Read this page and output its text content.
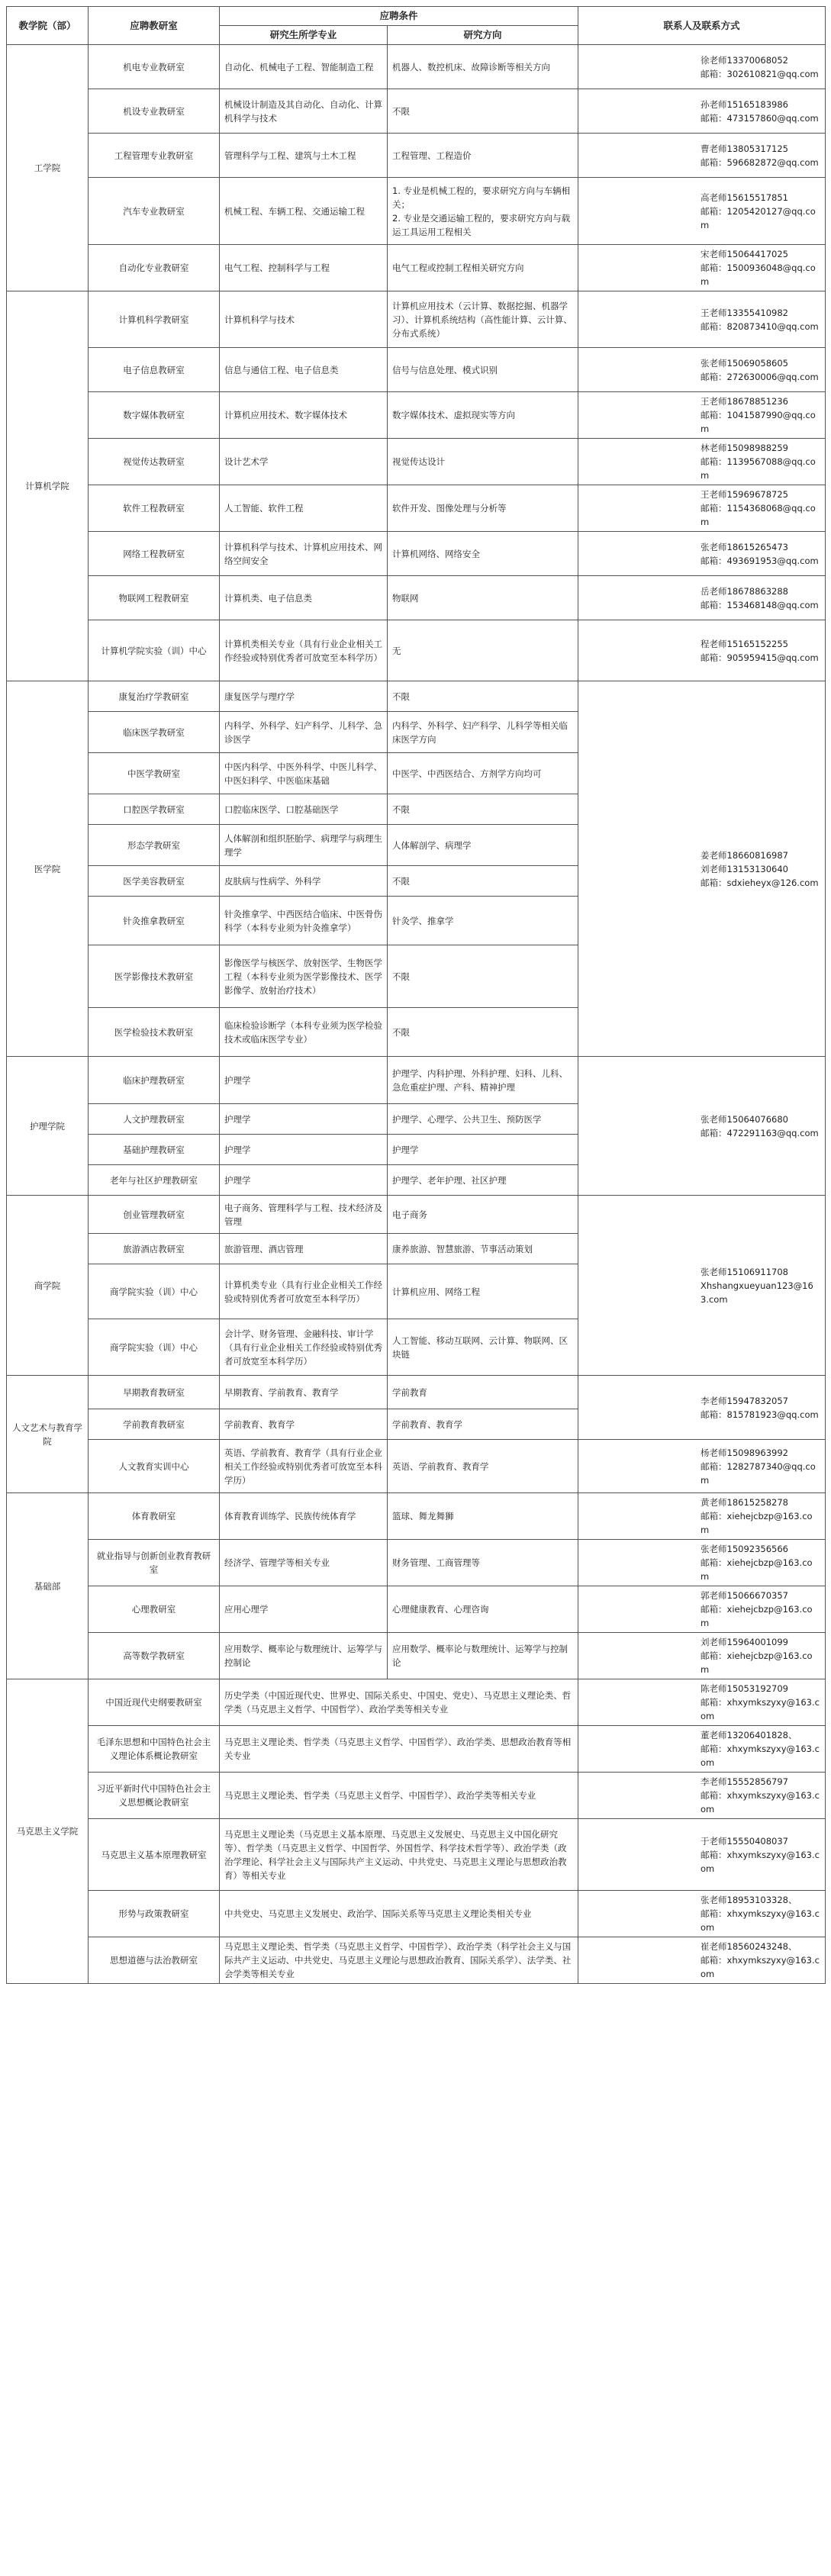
教学院（部）	应聘教研室	应聘条件		联系人及联系方式
		研究生所学专业	研究方向	
工学院	机电专业教研室	自动化、机械电子工程、智能制造工程	机器人、数控机床、故障诊断等相关方向	徐老师13370068052
邮箱：302610821@qq.com

	机设专业教研室	机械设计制造及其自动化、自动化、计算机科学与技术	不限	孙老师15165183986
邮箱：473157860@qq.com

	工程管理专业教研室	管理科学与工程、建筑与土木工程	工程管理、工程造价	曹老师13805317125
邮箱：596682872@qq.com

	汽车专业教研室	机械工程、车辆工程、交通运输工程	1. 专业是机械工程的，要求研究方向与车辆相关；
2. 专业是交通运输工程的，要求研究方向与载运工具运用工程相关	高老师15615517851
邮箱：1205420127@qq.com

	自动化专业教研室	电气工程、控制科学与工程	电气工程或控制工程相关研究方向	宋老师15064417025
邮箱：1500936048@qq.com

计算机学院	计算机科学教研室	计算机科学与技术	计算机应用技术（云计算、数据挖掘、机器学习）、计算机系统结构（高性能计算、云计算、分布式系统）	王老师13355410982
邮箱：820873410@qq.com

	电子信息教研室	信息与通信工程、电子信息类	信号与信息处理、模式识别	张老师15069058605
邮箱：272630006@qq.com

	数字媒体教研室	计算机应用技术、数字媒体技术	数字媒体技术、虚拟现实等方向	王老师18678851236
邮箱：1041587990@qq.com

	视觉传达教研室	设计艺术学	视觉传达设计	林老师15098988259
邮箱：1139567088@qq.com

	软件工程教研室	人工智能、软件工程	软件开发、图像处理与分析等	王老师15969678725
邮箱：1154368068@qq.com

	网络工程教研室	计算机科学与技术、计算机应用技术、网络空间安全	计算机网络、网络安全	张老师18615265473
邮箱：493691953@qq.com

	物联网工程教研室	计算机类、电子信息类	物联网	岳老师18678863288
邮箱：153468148@qq.com

	计算机学院实验（训）中心	计算机类相关专业（具有行业企业相关工作经验或特别优秀者可放宽至本科学历）	无	程老师15165152255
邮箱：905959415@qq.com

医学院	康复治疗学教研室	康复医学与理疗学	不限	姜老师18660816987
刘老师13153130640
邮箱：sdxieheyx@126.com

	临床医学教研室	内科学、外科学、妇产科学、儿科学、急诊医学	内科学、外科学、妇产科学、儿科学等相关临床医学方向	
	中医学教研室	中医内科学、中医外科学、中医儿科学、中医妇科学、中医临床基础	中医学、中西医结合、方剂学方向均可	
	口腔医学教研室	口腔临床医学、口腔基础医学	不限	
	形态学教研室	人体解剖和组织胚胎学、病理学与病理生理学	人体解剖学、病理学	
	医学美容教研室	皮肤病与性病学、外科学	不限	
	针灸推拿教研室	针灸推拿学、中西医结合临床、中医骨伤科学（本科专业须为针灸推拿学）	针灸学、推拿学	
	医学影像技术教研室	影像医学与核医学、放射医学、生物医学工程（本科专业须为医学影像技术、医学影像学、放射治疗技术）	不限	
	医学检验技术教研室	临床检验诊断学（本科专业须为医学检验技术或临床医学专业）	不限	
护理学院	临床护理教研室	护理学	护理学、内科护理、外科护理、妇科、儿科、急危重症护理、产科、精神护理	张老师15064076680
邮箱：472291163@qq.com

	人文护理教研室	护理学	护理学、心理学、公共卫生、预防医学	
	基础护理教研室	护理学	护理学	
	老年与社区护理教研室	护理学	护理学、老年护理、社区护理	
商学院	创业管理教研室	电子商务、管理科学与工程、技术经济及管理	电子商务	张老师15106911708
Xhshangxueyuan123@163.com

	旅游酒店教研室	旅游管理、酒店管理	康养旅游、智慧旅游、节事活动策划	
	商学院实验（训）中心	计算机类专业（具有行业企业相关工作经验或特别优秀者可放宽至本科学历）	计算机应用、网络工程	
	商学院实验（训）中心	会计学、财务管理、金融科技、审计学（具有行业企业相关工作经验或特别优秀者可放宽至本科学历）	人工智能、移动互联网、云计算、物联网、区块链	
人文艺术与教育学院	早期教育教研室	早期教育、学前教育、教育学	学前教育	李老师15947832057
邮箱：815781923@qq.com

	学前教育教研室	学前教育、教育学	学前教育、教育学	
	人文教育实训中心	英语、学前教育、教育学（具有行业企业相关工作经验或特别优秀者可放宽至本科学历）	英语、学前教育、教育学	杨老师15098963992
邮箱：1282787340@qq.com

基础部	体育教研室	体育教育训练学、民族传统体育学	篮球、舞龙舞狮	黄老师18615258278
邮箱：xiehejcbzp@163.com

	就业指导与创新创业教育教研室	经济学、管理学等相关专业	财务管理、工商管理等	张老师15092356566
邮箱：xiehejcbzp@163.com

	心理教研室	应用心理学	心理健康教育、心理咨询	郭老师15066670357
邮箱：xiehejcbzp@163.com

	高等数学教研室	应用数学、概率论与数理统计、运筹学与控制论	应用数学、概率论与数理统计、运筹学与控制论	刘老师15964001099
邮箱：xiehejcbzp@163.com

马克思主义学院	中国近现代史纲要教研室	历史学类（中国近现代史、世界史、国际关系史、中国史、党史）、马克思主义理论类、哲学类（马克思主义哲学、中国哲学）、政治学类等相关专业		陈老师15053192709
邮箱：xhxymkszyxy@163.com

	毛泽东思想和中国特色社会主义理论体系概论教研室	马克思主义理论类、哲学类（马克思主义哲学、中国哲学）、政治学类、思想政治教育等相关专业		董老师13206401828、
邮箱：xhxymkszyxy@163.com

	习近平新时代中国特色社会主义思想概论教研室	马克思主义理论类、哲学类（马克思主义哲学、中国哲学）、政治学类等相关专业		李老师15552856797
邮箱：xhxymkszyxy@163.com

	马克思主义基本原理教研室	马克思主义理论类（马克思主义基本原理、马克思主义发展史、马克思主义中国化研究等）、哲学类（马克思主义哲学、中国哲学、外国哲学、科学技术哲学等）、政治学类（政治学理论、科学社会主义与国际共产主义运动、中共党史、马克思主义理论与思想政治教育）等相关专业		于老师15550408037
邮箱：xhxymkszyxy@163.com

	形势与政策教研室	中共党史、马克思主义发展史、政治学、国际关系等马克思主义理论类相关专业		张老师18953103328、
邮箱：xhxymkszyxy@163.com

	思想道德与法治教研室	马克思主义理论类、哲学类（马克思主义哲学、中国哲学）、政治学类（科学社会主义与国际共产主义运动、中共党史、马克思主义理论与思想政治教育、国际关系学）、法学类、社会学类等相关专业		崔老师18560243248、
邮箱：xhxymkszyxy@163.com
